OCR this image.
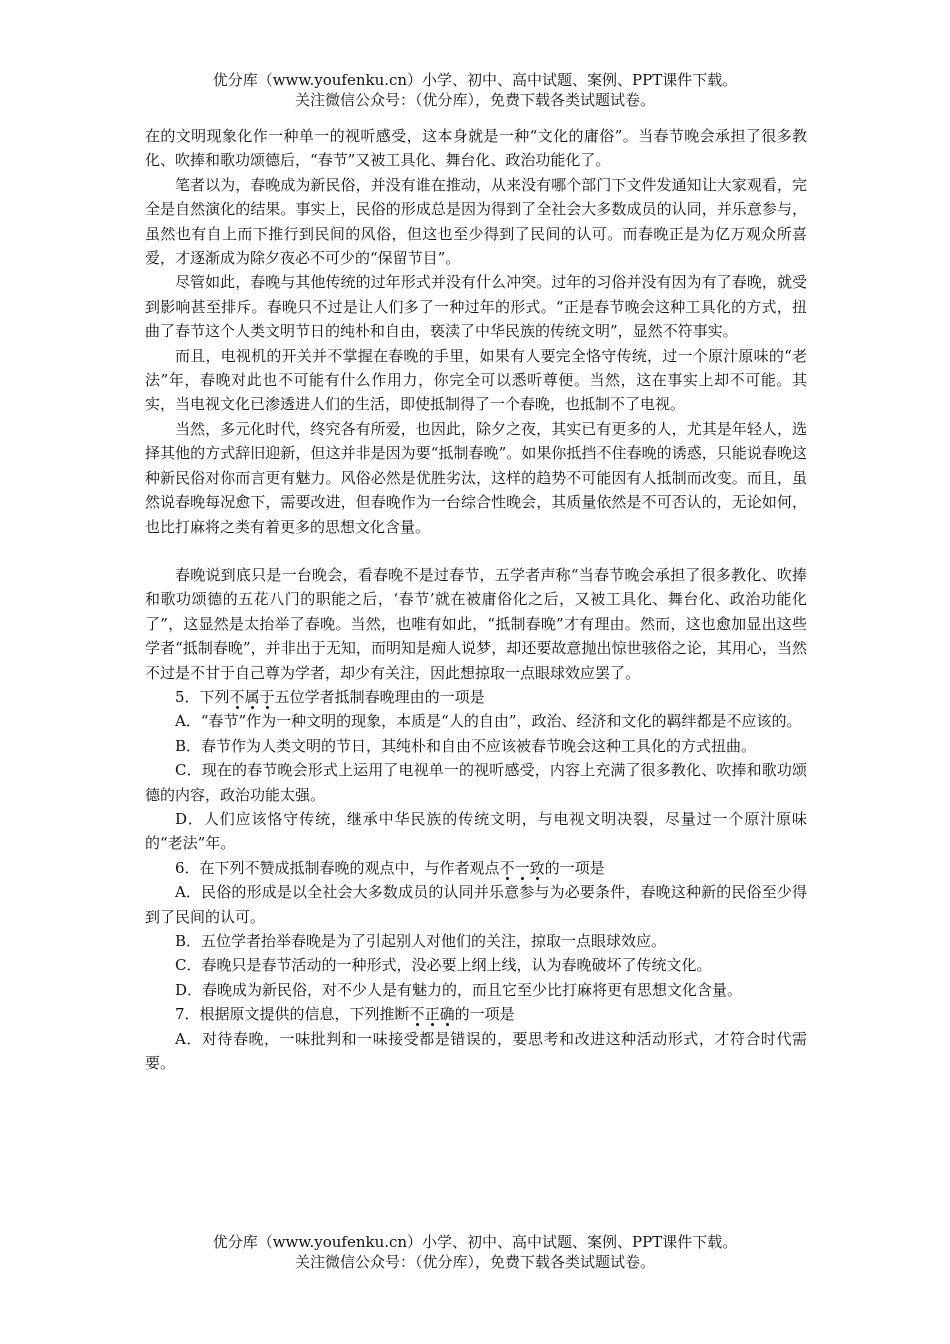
优分库（www.youfenku.cn）小学、初中、高中试题、案例、PPT课件下载。
关注微信公众号：（优分库），免费下载各类试题试卷。

在的文明现象化作一种单一的视听感受，这本身就是一种“文化的庸俗”。当春节晚会承担了很多教化、吹捧和歌功颂德后，“春节”又被工具化、舞台化、政治功能化了。

笔者以为，春晚成为新民俗，并没有谁在推动，从来没有哪个部门下文件发通知让大家观看，完全是自然演化的结果。事实上，民俗的形成总是因为得到了全社会大多数成员的认同，并乐意参与，虽然也有自上而下推行到民间的风俗，但这也至少得到了民间的认可。而春晚正是为亿万观众所喜爱，才逐渐成为除夕夜必不可少的“保留节目”。

尽管如此，春晚与其他传统的过年形式并没有什么冲突。过年的习俗并没有因为有了春晚，就受到影响甚至排斥。春晚只不过是让人们多了一种过年的形式。“正是春节晚会这种工具化的方式，扭曲了春节这个人类文明节日的纯朴和自由，亵渎了中华民族的传统文明”，显然不符事实。

而且，电视机的开关并不掌握在春晚的手里，如果有人要完全恪守传统，过一个原汁原味的“老法”年，春晚对此也不可能有什么作用力，你完全可以悉听尊便。当然，这在事实上却不可能。其实，当电视文化已渗透进人们的生活，即使抵制得了一个春晚，也抵制不了电视。

当然，多元化时代，终究各有所爱，也因此，除夕之夜，其实已有更多的人，尤其是年轻人，选择其他的方式辞旧迎新，但这并非是因为要“抵制春晚”。如果你抵挡不住春晚的诱惑，只能说春晚这种新民俗对你而言更有魅力。风俗必然是优胜劣汰，这样的趋势不可能因有人抵制而改变。而且，虽然说春晚每况愈下，需要改进，但春晚作为一台综合性晚会，其质量依然是不可否认的，无论如何，也比打麻将之类有着更多的思想文化含量。

春晚说到底只是一台晚会，看春晚不是过春节，五学者声称“当春节晚会承担了很多教化、吹捧和歌功颂德的五花八门的职能之后，‘春节’就在被庸俗化之后，又被工具化、舞台化、政治功能化了”，这显然是太抬举了春晚。当然，也唯有如此，“抵制春晚”才有理由。然而，这也愈加显出这些学者“抵制春晚”，并非出于无知，而明知是痴人说梦，却还要故意抛出惊世骇俗之论，其用心，当然不过是不甘于自己尊为学者，却少有关注，因此想掠取一点眼球效应罢了。

5．下列不属于五位学者抵制春晚理由的一项是

A．“春节”作为一种文明的现象，本质是“人的自由”，政治、经济和文化的羁绊都是不应该的。

B．春节作为人类文明的节日，其纯朴和自由不应该被春节晚会这种工具化的方式扭曲。

C．现在的春节晚会形式上运用了电视单一的视听感受，内容上充满了很多教化、吹捧和歌功颂德的内容，政治功能太强。

D．人们应该恪守传统，继承中华民族的传统文明，与电视文明决裂，尽量过一个原汁原味的“老法”年。

6．在下列不赞成抵制春晚的观点中，与作者观点不一致的一项是

A．民俗的形成是以全社会大多数成员的认同并乐意参与为必要条件，春晚这种新的民俗至少得到了民间的认可。

B．五位学者抬举春晚是为了引起别人对他们的关注，掠取一点眼球效应。

C．春晚只是春节活动的一种形式，没必要上纲上线，认为春晚破坏了传统文化。

D．春晚成为新民俗，对不少人是有魅力的，而且它至少比打麻将更有思想文化含量。

7．根据原文提供的信息，下列推断不正确的一项是

A．对待春晚，一味批判和一味接受都是错误的，要思考和改进这种活动形式，才符合时代需要。

优分库（www.youfenku.cn）小学、初中、高中试题、案例、PPT课件下载。
关注微信公众号：（优分库），免费下载各类试题试卷。
